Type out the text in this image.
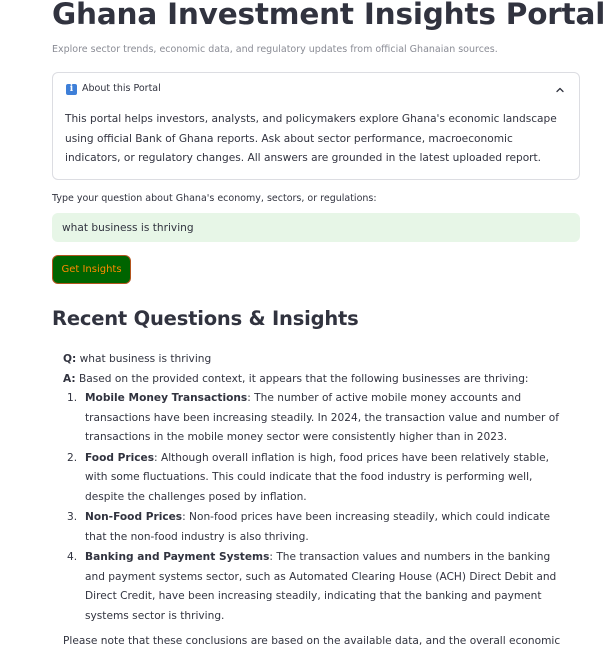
Ghana Investment Insights Portal
Explore sector trends, economic data, and regulatory updates from official Ghanaian sources.
i About this Portal
This portal helps investors, analysts, and policymakers explore Ghana's economic landscape using official Bank of Ghana reports. Ask about sector performance, macroeconomic indicators, or regulatory changes. All answers are grounded in the latest uploaded report.
Type your question about Ghana's economy, sectors, or regulations:
what business is thriving
Get Insights
Recent Questions & Insights

Q: what business is thriving

A: Based on the provided context, it appears that the following businesses are thriving:

1. Mobile Money Transactions: The number of active mobile money accounts and transactions have been increasing steadily. In 2024, the transaction value and number of transactions in the mobile money sector were consistently higher than in 2023.
2. Food Prices: Although overall inflation is high, food prices have been relatively stable, with some fluctuations. This could indicate that the food industry is performing well, despite the challenges posed by inflation.
3. Non-Food Prices: Non-food prices have been increasing steadily, which could indicate that the non-food industry is also thriving.
4. Banking and Payment Systems: The transaction values and numbers in the banking and payment systems sector, such as Automated Clearing House (ACH) Direct Debit and Direct Credit, have been increasing steadily, indicating that the banking and payment systems sector is thriving.

Please note that these conclusions are based on the available data, and the overall economic
